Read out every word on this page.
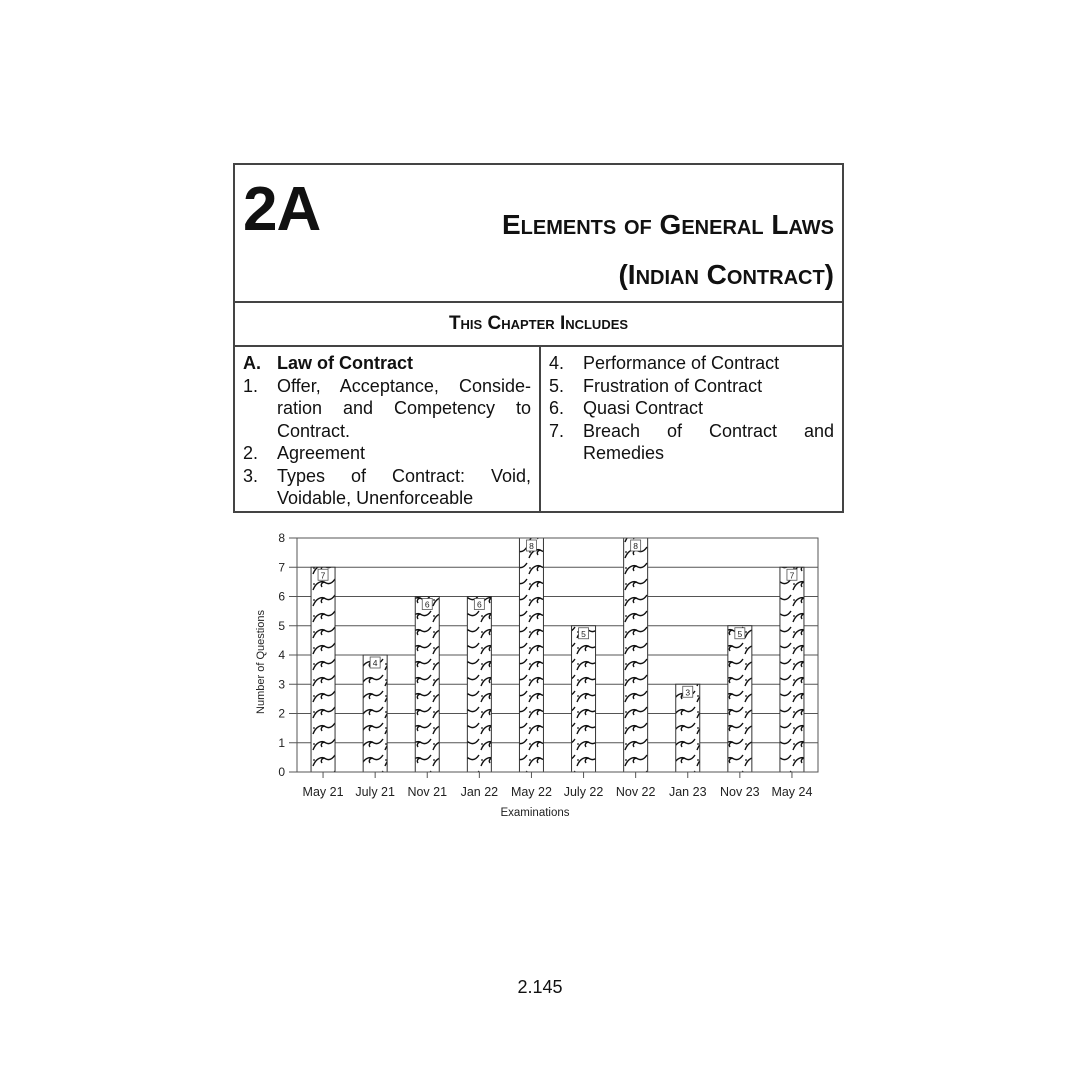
2A	Elements of General Laws
(Indian Contract)
This Chapter Includes
A. Law of Contract
1.	Offer, Acceptance, Conside-ration and Competency to Contract.
2.	Agreement
3.	Types of Contract: Void, Voidable, Unenforceable
4.	Performance of Contract
5.	Frustration of Contract
6.	Quasi Contract
7.	Breach of Contract and Remedies
7
4
6	6
8
5
8
3
5
7
0
1
2
3
4
5
6
7
8
May 21 July 21 Nov 21 Jan 22 May 22 July 22 Nov 22 Jan 23 Nov 23 May 24
Number of Questions
Examinations
2.145
